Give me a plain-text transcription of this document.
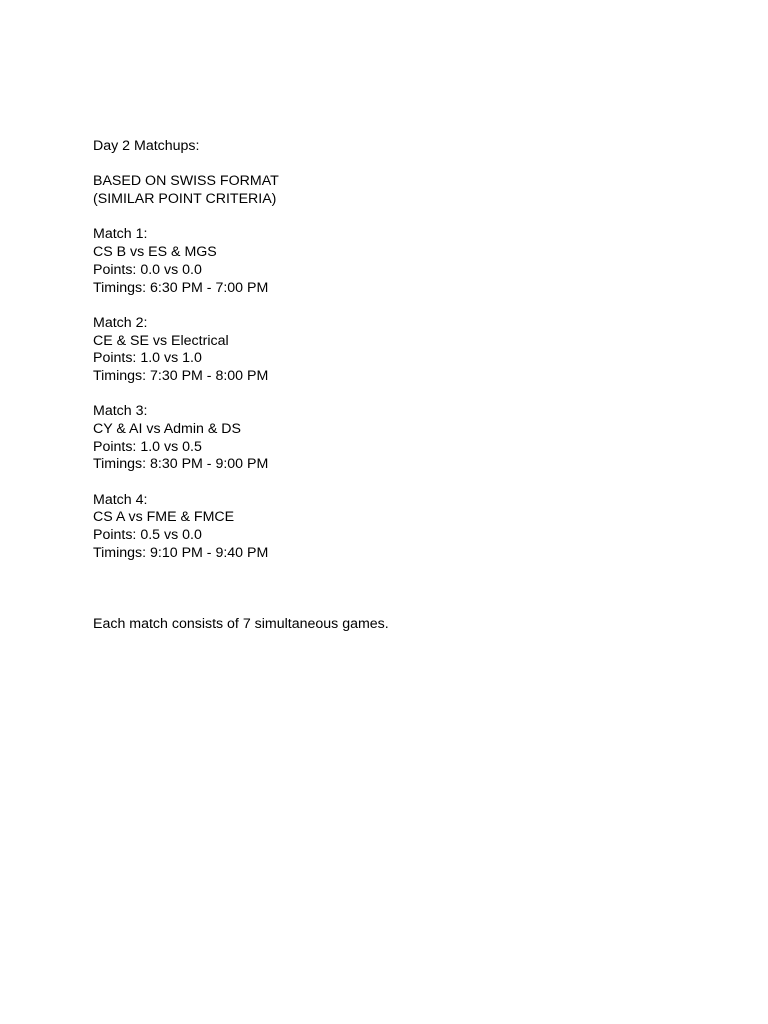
Day 2 Matchups:
BASED ON SWISS FORMAT
(SIMILAR POINT CRITERIA)
Match 1:
CS B vs ES & MGS
Points: 0.0 vs 0.0
Timings: 6:30 PM - 7:00 PM
Match 2:
CE & SE vs Electrical
Points: 1.0 vs 1.0
Timings: 7:30 PM - 8:00 PM
Match 3:
CY & AI vs Admin & DS
Points: 1.0 vs 0.5
Timings: 8:30 PM - 9:00 PM
Match 4:
CS A vs FME & FMCE
Points: 0.5 vs 0.0
Timings: 9:10 PM - 9:40 PM
Each match consists of 7 simultaneous games.
